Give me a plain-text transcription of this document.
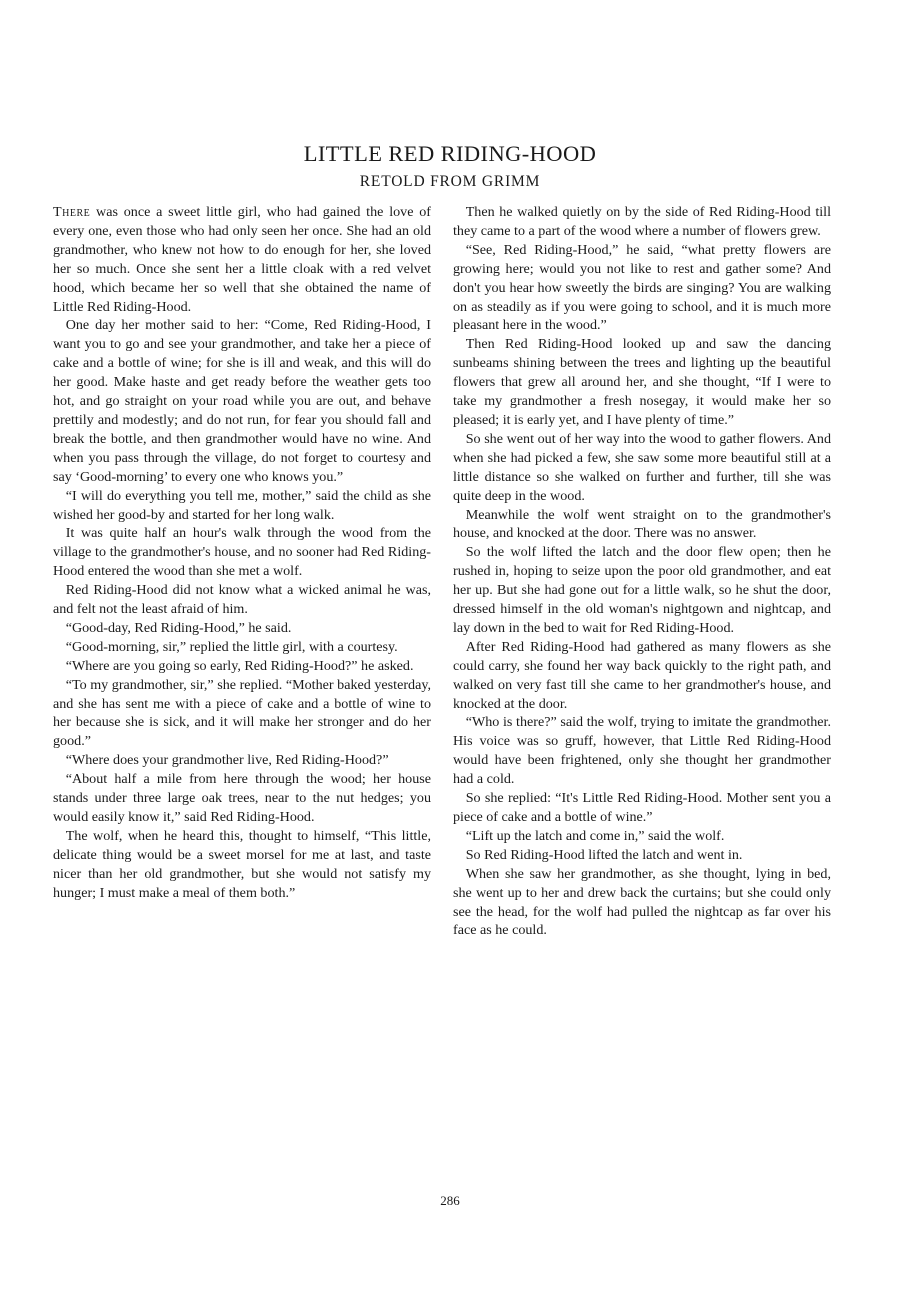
LITTLE RED RIDING-HOOD
RETOLD FROM GRIMM

There was once a sweet little girl, who had gained the love of every one, even those who had only seen her once. She had an old grandmother, who knew not how to do enough for her, she loved her so much. Once she sent her a little cloak with a red velvet hood, which became her so well that she obtained the name of Little Red Riding-Hood.

One day her mother said to her: “Come, Red Riding-Hood, I want you to go and see your grandmother, and take her a piece of cake and a bottle of wine; for she is ill and weak, and this will do her good. Make haste and get ready before the weather gets too hot, and go straight on your road while you are out, and behave prettily and modestly; and do not run, for fear you should fall and break the bottle, and then grandmother would have no wine. And when you pass through the village, do not forget to courtesy and say ‘Good-morning’ to every one who knows you.”

“I will do everything you tell me, mother,” said the child as she wished her good-by and started for her long walk.

It was quite half an hour's walk through the wood from the village to the grandmother's house, and no sooner had Red Riding-Hood entered the wood than she met a wolf.

Red Riding-Hood did not know what a wicked animal he was, and felt not the least afraid of him.

“Good-day, Red Riding-Hood,” he said.

“Good-morning, sir,” replied the little girl, with a courtesy.

“Where are you going so early, Red Riding-Hood?” he asked.

“To my grandmother, sir,” she replied. “Mother baked yesterday, and she has sent me with a piece of cake and a bottle of wine to her because she is sick, and it will make her stronger and do her good.”

“Where does your grandmother live, Red Riding-Hood?”

“About half a mile from here through the wood; her house stands under three large oak trees, near to the nut hedges; you would easily know it,” said Red Riding-Hood.

The wolf, when he heard this, thought to himself, “This little, delicate thing would be a sweet morsel for me at last, and taste nicer than her old grandmother, but she would not satisfy my hunger; I must make a meal of them both.”

Then he walked quietly on by the side of Red Riding-Hood till they came to a part of the wood where a number of flowers grew.

“See, Red Riding-Hood,” he said, “what pretty flowers are growing here; would you not like to rest and gather some? And don't you hear how sweetly the birds are singing? You are walking on as steadily as if you were going to school, and it is much more pleasant here in the wood.”

Then Red Riding-Hood looked up and saw the dancing sunbeams shining between the trees and lighting up the beautiful flowers that grew all around her, and she thought, “If I were to take my grandmother a fresh nosegay, it would make her so pleased; it is early yet, and I have plenty of time.”

So she went out of her way into the wood to gather flowers. And when she had picked a few, she saw some more beautiful still at a little distance so she walked on further and further, till she was quite deep in the wood.

Meanwhile the wolf went straight on to the grandmother's house, and knocked at the door. There was no answer.

So the wolf lifted the latch and the door flew open; then he rushed in, hoping to seize upon the poor old grandmother, and eat her up. But she had gone out for a little walk, so he shut the door, dressed himself in the old woman's nightgown and nightcap, and lay down in the bed to wait for Red Riding-Hood.

After Red Riding-Hood had gathered as many flowers as she could carry, she found her way back quickly to the right path, and walked on very fast till she came to her grandmother's house, and knocked at the door.

“Who is there?” said the wolf, trying to imitate the grandmother. His voice was so gruff, however, that Little Red Riding-Hood would have been frightened, only she thought her grandmother had a cold.

So she replied: “It's Little Red Riding-Hood. Mother sent you a piece of cake and a bottle of wine.”

“Lift up the latch and come in,” said the wolf.

So Red Riding-Hood lifted the latch and went in.

When she saw her grandmother, as she thought, lying in bed, she went up to her and drew back the curtains; but she could only see the head, for the wolf had pulled the nightcap as far over his face as he could.

286
